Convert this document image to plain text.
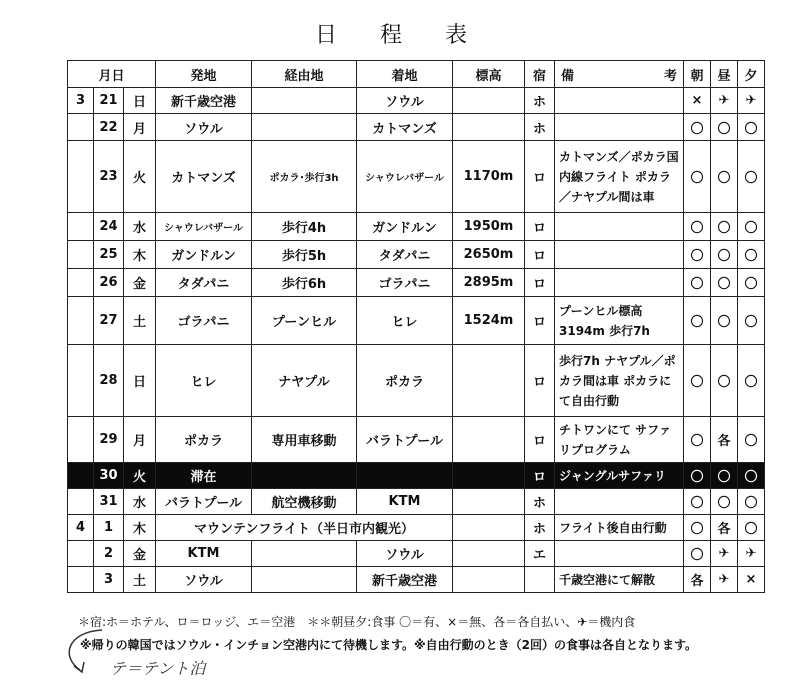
日 程 表
月日			発地	経由地	着地	標高	宿	備 考	朝	昼	夕
3	21	日	新千歳空港		ソウル		ホ		×	✈	✈
	22	月	ソウル		カトマンズ		ホ		〇	〇	〇
	23	火	カトマンズ	ポカラ･歩行3h	シャウレバザール	1170m	ロ	カトマンズ／ポカラ国内線フライト ポカラ／ナヤプル間は車	〇	〇	〇
	24	水	シャウレバザール	歩行4h	ガンドルン	1950m	ロ		〇	〇	〇
	25	木	ガンドルン	歩行5h	タダパニ	2650m	ロ		〇	〇	〇
	26	金	タダパニ	歩行6h	ゴラパニ	2895m	ロ		〇	〇	〇
	27	土	ゴラパニ	プーンヒル	ヒレ	1524m	ロ	プーンヒル標高3194m 歩行7h	〇	〇	〇
	28	日	ヒレ	ナヤプル	ポカラ		ロ	歩行7h ナヤプル／ポカラ間は車 ポカラにて自由行動	〇	〇	〇
	29	月	ポカラ	専用車移動	バラトプール		ロ	チトワンにて サファリプログラム	〇	各	〇
	30	火	滞在				ロ	ジャングルサファリ	〇	〇	〇
	31	水	バラトプール	航空機移動	KTM		ホ		〇	〇	〇
4	1	木	マウンテンフライト（半日市内観光）				ホ	フライト後自由行動	〇	各	〇
	2	金	KTM		ソウル		エ		〇	✈	✈
	3	土	ソウル		新千歳空港			千歳空港にて解散	各	✈	×
＊宿:ホ＝ホテル、ロ＝ロッジ、エ＝空港　＊＊朝昼夕:食事 〇＝有、×＝無、各＝各自払い、✈＝機内食
※帰りの韓国ではソウル・インチョン空港内にて待機します。※自由行動のとき（2回）の食事は各自となります。
テ＝テント泊
